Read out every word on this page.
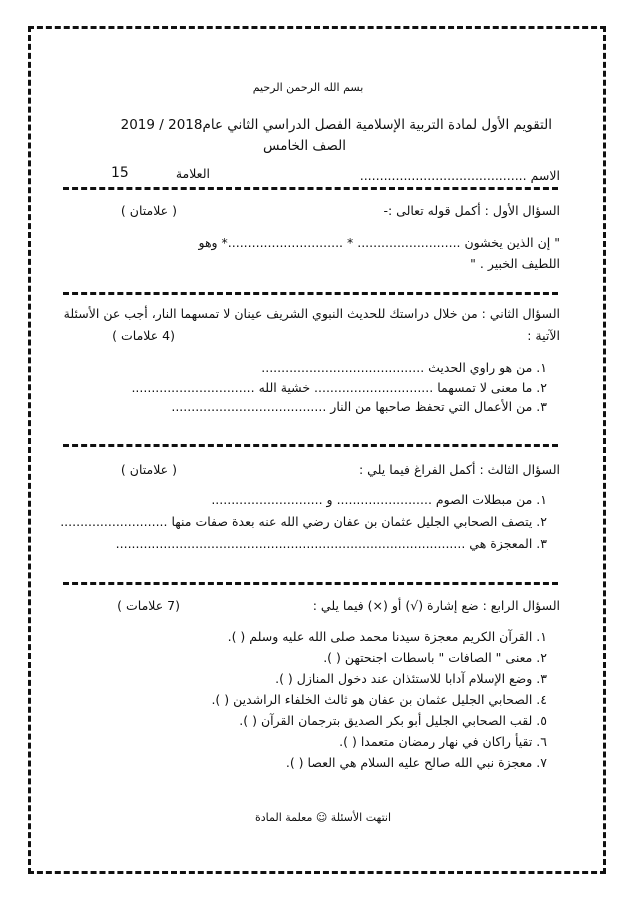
بسم الله الرحمن الرحيم
التقويم الأول لمادة التربية الإسلامية الفصل الدراسي الثاني عام2018 / 2019
الصف الخامس
الاسم ..........................................
العلامة
15
السؤال الأول : أكمل قوله تعالى :-
( علامتان )
" إن الذين يخشون .......................... * .............................* وهو
اللطيف الخبير . "
السؤال الثاني : من خلال دراستك للحديث النبوي الشريف عينان لا تمسهما النار، أجب عن الأسئلة
الآتية :
(4 علامات )
١. من هو راوي الحديث .........................................
٢. ما معنى لا تمسهما .............................. خشية الله ...............................
٣. من الأعمال التي تحفظ صاحبها من النار .......................................
السؤال الثالث : أكمل الفراغ فيما يلي :
( علامتان )
١. من مبطلات الصوم ........................ و ............................
٢. يتصف الصحابي الجليل عثمان بن عفان رضي الله عنه بعدة صفات منها ...........................
٣. المعجزة هي ........................................................................................
السؤال الرابع : ضع إشارة (√) أو (×) فيما يلي :
(7 علامات )
١. القرآن الكريم معجزة سيدنا محمد صلى الله عليه وسلم ( ).
٢. معنى " الصافات " باسطات اجنحتهن ( ).
٣. وضع الإسلام آدابا للاستئذان عند دخول المنازل ( ).
٤. الصحابي الجليل عثمان بن عفان هو ثالث الخلفاء الراشدين ( ).
٥. لقب الصحابي الجليل أبو بكر الصديق بترجمان القرآن ( ).
٦. تقيأ راكان في نهار رمضان متعمدا ( ).
٧. معجزة نبي الله صالح عليه السلام هي العصا ( ).
انتهت الأسئلة ☺ معلمة المادة
